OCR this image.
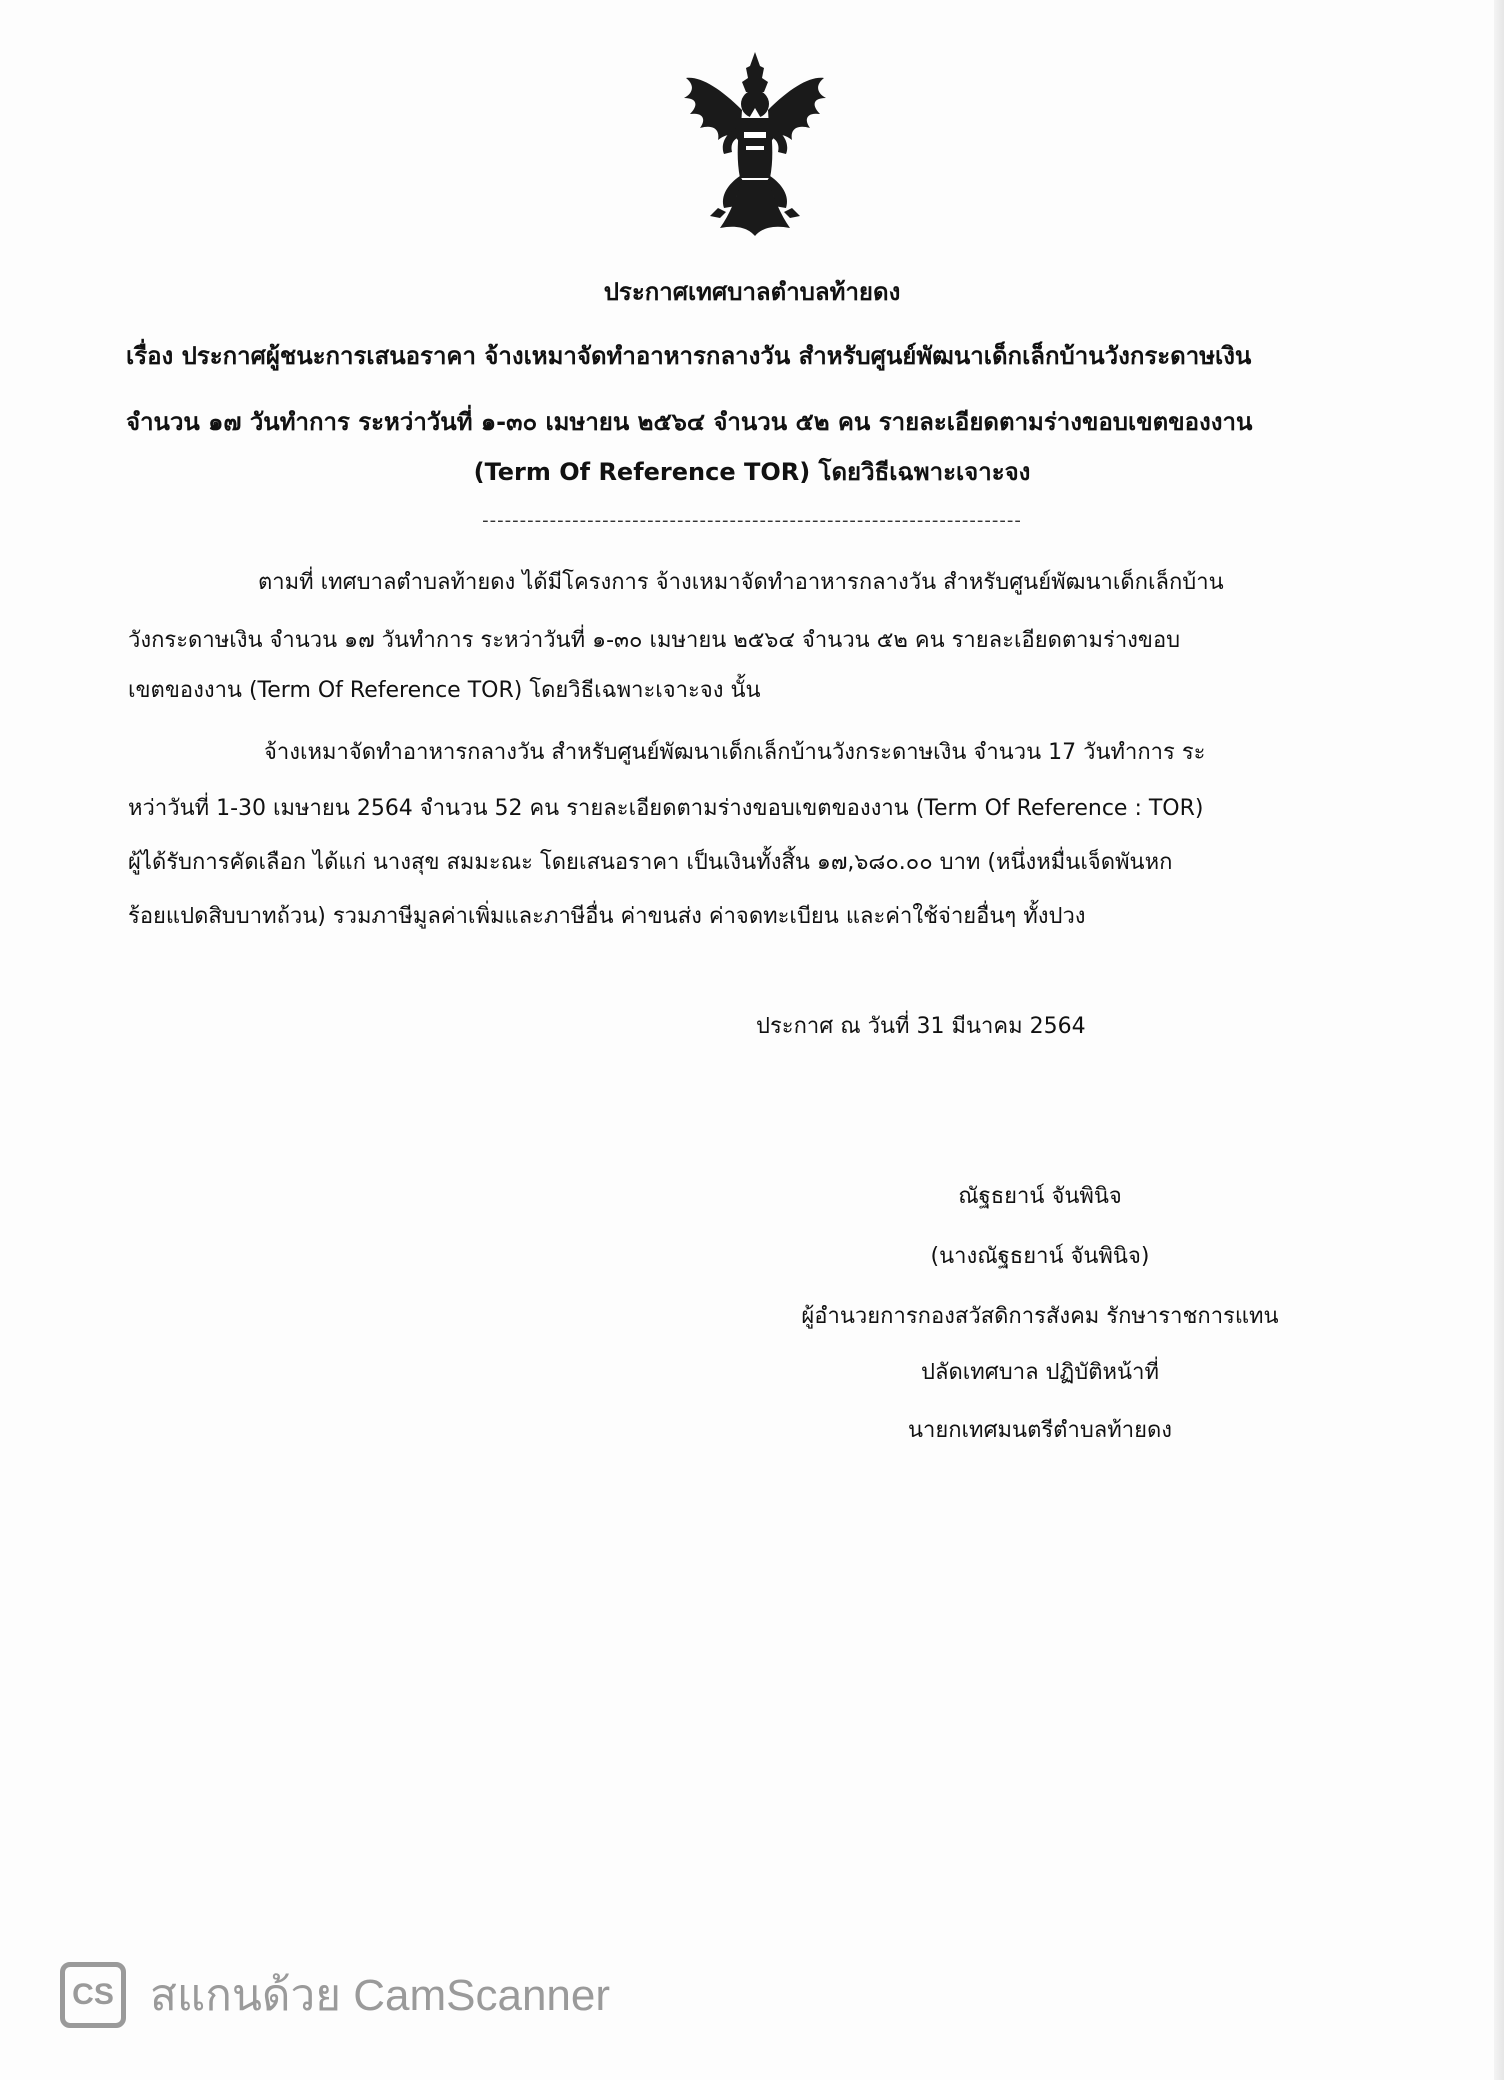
ประกาศเทศบาลตำบลท้ายดง
เรื่อง ประกาศผู้ชนะการเสนอราคา จ้างเหมาจัดทำอาหารกลางวัน สำหรับศูนย์พัฒนาเด็กเล็กบ้านวังกระดาษเงิน
จำนวน ๑๗ วันทำการ ระหว่าวันที่ ๑-๓๐ เมษายน ๒๕๖๔ จำนวน ๕๒ คน รายละเอียดตามร่างขอบเขตของงาน
(Term Of Reference TOR) โดยวิธีเฉพาะเจาะจง
------------------------------------------------------------------------
ตามที่ เทศบาลตำบลท้ายดง ได้มีโครงการ จ้างเหมาจัดทำอาหารกลางวัน สำหรับศูนย์พัฒนาเด็กเล็กบ้าน
วังกระดาษเงิน จำนวน ๑๗ วันทำการ ระหว่าวันที่ ๑-๓๐ เมษายน ๒๕๖๔ จำนวน ๕๒ คน รายละเอียดตามร่างขอบ
เขตของงาน (Term Of Reference TOR) โดยวิธีเฉพาะเจาะจง นั้น
จ้างเหมาจัดทำอาหารกลางวัน สำหรับศูนย์พัฒนาเด็กเล็กบ้านวังกระดาษเงิน จำนวน 17 วันทำการ ระ
หว่าวันที่ 1-30 เมษายน 2564 จำนวน 52 คน รายละเอียดตามร่างขอบเขตของงาน (Term Of Reference : TOR)
ผู้ได้รับการคัดเลือก ได้แก่ นางสุข สมมะณะ โดยเสนอราคา เป็นเงินทั้งสิ้น ๑๗,๖๘๐.๐๐ บาท (หนึ่งหมื่นเจ็ดพันหก
ร้อยแปดสิบบาทถ้วน) รวมภาษีมูลค่าเพิ่มและภาษีอื่น ค่าขนส่ง ค่าจดทะเบียน และค่าใช้จ่ายอื่นๆ ทั้งปวง
ประกาศ ณ วันที่ 31 มีนาคม 2564
ณัฐธยาน์ จันพินิจ
(นางณัฐธยาน์ จันพินิจ)
ผู้อำนวยการกองสวัสดิการสังคม รักษาราชการแทน
ปลัดเทศบาล ปฏิบัติหน้าที่
นายกเทศมนตรีตำบลท้ายดง
CS สแกนด้วย CamScanner
